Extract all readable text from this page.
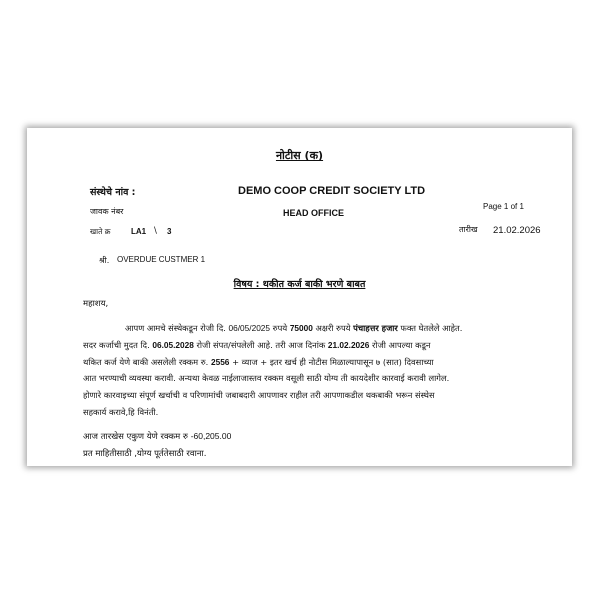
नोटीस (क)
संस्थेचे नांव :	DEMO COOP CREDIT SOCIETY LTD
Page 1 of 1
जावक नंबर	HEAD OFFICE
खाते क्र	LA1 \ 3	तारीख 21.02.2026
श्री. OVERDUE CUSTMER 1
विषय : थकीत कर्ज बाकी भरणे बाबत
महाशय,
आपण आमचे संस्थेकडून रोजी दि. 06/05/2025 रुपये 75000 अक्षरी रुपये पंचाहत्तर हजार फक्त घेतलेले आहेत.
सदर कर्जाची मुदत दि. 06.05.2028 रोजी संपत/संपलेली आहे. तरी आज दिनांक 21.02.2026 रोजी आपल्या कडून
थकित कर्ज येणे बाकी असलेली रक्कम रु. 2556 + व्याज + इतर खर्च ही नोटीस मिळाल्यापासून ७ (सात) दिवसाच्या
आत भरण्याची व्यवस्था करावी. अन्यथा केवळ नाईलाजास्तव रक्कम वसूली साठी योग्य ती कायदेशीर कारवाई करावी लागेल.
होणारे कारवाइच्या संपूर्ण खर्चाची व परिणामांची जबाबदारी आपणावर राहील तरी आपणाकडील थकबाकी भरून संस्थेस
सहकार्य करावे,हि विनंती.
आज तारखेस एकुण येणे रक्कम रु -60,205.00
प्रत माहितीसाठी ,योग्य पूर्ततेसाठी रवाना.
